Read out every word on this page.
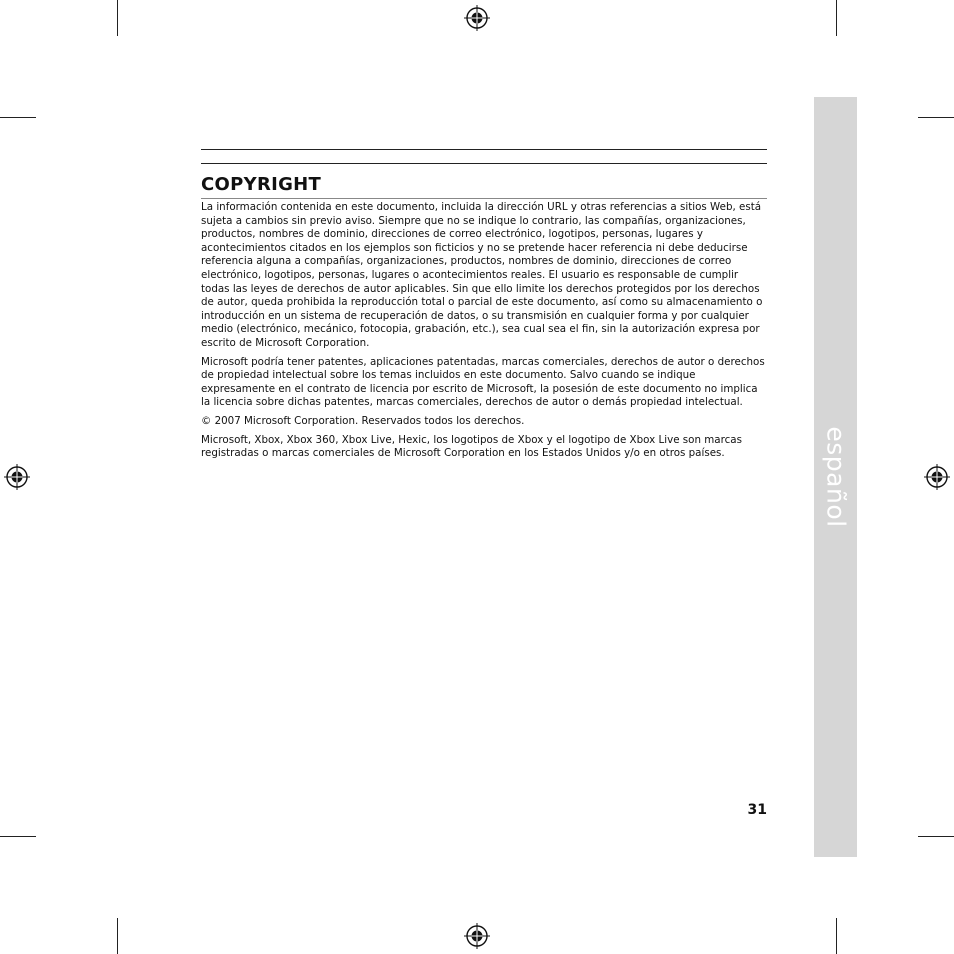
español
COPYRIGHT

La información contenida en este documento, incluida la dirección URL y otras referencias a sitios Web, está sujeta a cambios sin previo aviso. Siempre que no se indique lo contrario, las compañías, organizaciones, productos, nombres de dominio, direcciones de correo electrónico, logotipos, personas, lugares y acontecimientos citados en los ejemplos son ficticios y no se pretende hacer referencia ni debe deducirse referencia alguna a compañías, organizaciones, productos, nombres de dominio, direcciones de correo electrónico, logotipos, personas, lugares o acontecimientos reales. El usuario es responsable de cumplir todas las leyes de derechos de autor aplicables. Sin que ello limite los derechos protegidos por los derechos de autor, queda prohibida la reproducción total o parcial de este documento, así como su almacenamiento o introducción en un sistema de recuperación de datos, o su transmisión en cualquier forma y por cualquier medio (electrónico, mecánico, fotocopia, grabación, etc.), sea cual sea el fin, sin la autorización expresa por escrito de Microsoft Corporation.

Microsoft podría tener patentes, aplicaciones patentadas, marcas comerciales, derechos de autor o derechos de propiedad intelectual sobre los temas incluidos en este documento. Salvo cuando se indique expresamente en el contrato de licencia por escrito de Microsoft, la posesión de este documento no implica la licencia sobre dichas patentes, marcas comerciales, derechos de autor o demás propiedad intelectual.

© 2007 Microsoft Corporation. Reservados todos los derechos.

Microsoft, Xbox, Xbox 360, Xbox Live, Hexic, los logotipos de Xbox y el logotipo de Xbox Live son marcas registradas o marcas comerciales de Microsoft Corporation en los Estados Unidos y/o en otros países.

31
